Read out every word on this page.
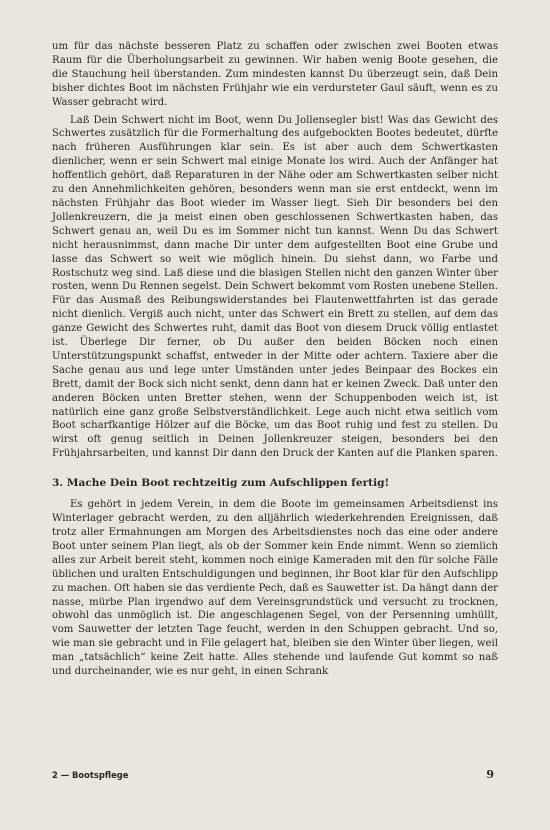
um für das nächste besseren Platz zu schaffen oder zwischen zwei Booten etwas Raum für die Überholungsarbeit zu gewinnen. Wir haben wenig Boote gesehen, die die Stauchung heil überstanden. Zum mindesten kannst Du überzeugt sein, daß Dein bisher dichtes Boot im nächsten Frühjahr wie ein verdursteter Gaul säuft, wenn es zu Wasser gebracht wird.

Laß Dein Schwert nicht im Boot, wenn Du Jollensegler bist! Was das Gewicht des Schwertes zusätzlich für die Formerhaltung des aufgebockten Bootes bedeutet, dürfte nach früheren Ausführungen klar sein. Es ist aber auch dem Schwertkasten dienlicher, wenn er sein Schwert mal einige Monate los wird. Auch der Anfänger hat hoffentlich gehört, daß Reparaturen in der Nähe oder am Schwertkasten selber nicht zu den Annehmlichkeiten gehören, besonders wenn man sie erst entdeckt, wenn im nächsten Frühjahr das Boot wieder im Wasser liegt. Sieh Dir besonders bei den Jollenkreuzern, die ja meist einen oben geschlossenen Schwertkasten haben, das Schwert genau an, weil Du es im Sommer nicht tun kannst. Wenn Du das Schwert nicht herausnimmst, dann mache Dir unter dem aufgestellten Boot eine Grube und lasse das Schwert so weit wie möglich hinein. Du siehst dann, wo Farbe und Rostschutz weg sind. Laß diese und die blasigen Stellen nicht den ganzen Winter über rosten, wenn Du Rennen segelst. Dein Schwert bekommt vom Rosten unebene Stellen. Für das Ausmaß des Reibungswiderstandes bei Flautenwettfahrten ist das gerade nicht dienlich. Vergiß auch nicht, unter das Schwert ein Brett zu stellen, auf dem das ganze Gewicht des Schwertes ruht, damit das Boot von diesem Druck völlig entlastet ist. Überlege Dir ferner, ob Du außer den beiden Böcken noch einen Unterstützungspunkt schaffst, entweder in der Mitte oder achtern. Taxiere aber die Sache genau aus und lege unter Umständen unter jedes Beinpaar des Bockes ein Brett, damit der Bock sich nicht senkt, denn dann hat er keinen Zweck. Daß unter den anderen Böcken unten Bretter stehen, wenn der Schuppenboden weich ist, ist natürlich eine ganz große Selbstverständlichkeit. Lege auch nicht etwa seitlich vom Boot scharfkantige Hölzer auf die Böcke, um das Boot ruhig und fest zu stellen. Du wirst oft genug seitlich in Deinen Jollenkreuzer steigen, besonders bei den Frühjahrsarbeiten, und kannst Dir dann den Druck der Kanten auf die Planken sparen.

3. Mache Dein Boot rechtzeitig zum Aufschlippen fertig!

Es gehört in jedem Verein, in dem die Boote im gemeinsamen Arbeitsdienst ins Winterlager gebracht werden, zu den alljährlich wiederkehrenden Ereignissen, daß trotz aller Ermahnungen am Morgen des Arbeitsdienstes noch das eine oder andere Boot unter seinem Plan liegt, als ob der Sommer kein Ende nimmt. Wenn so ziemlich alles zur Arbeit bereit steht, kommen noch einige Kameraden mit den für solche Fälle üblichen und uralten Entschuldigungen und beginnen, ihr Boot klar für den Aufschlipp zu machen. Oft haben sie das verdiente Pech, daß es Sauwetter ist. Da hängt dann der nasse, mürbe Plan irgendwo auf dem Vereinsgrundstück und versucht zu trocknen, obwohl das unmöglich ist. Die angeschlagenen Segel, von der Persenning umhüllt, vom Sauwetter der letzten Tage feucht, werden in den Schuppen gebracht. Und so, wie man sie gebracht und in File gelagert hat, bleiben sie den Winter über liegen, weil man „tatsächlich“ keine Zeit hatte. Alles stehende und laufende Gut kommt so naß und durcheinander, wie es nur geht, in einen Schrank

2 — Bootspflege	9
